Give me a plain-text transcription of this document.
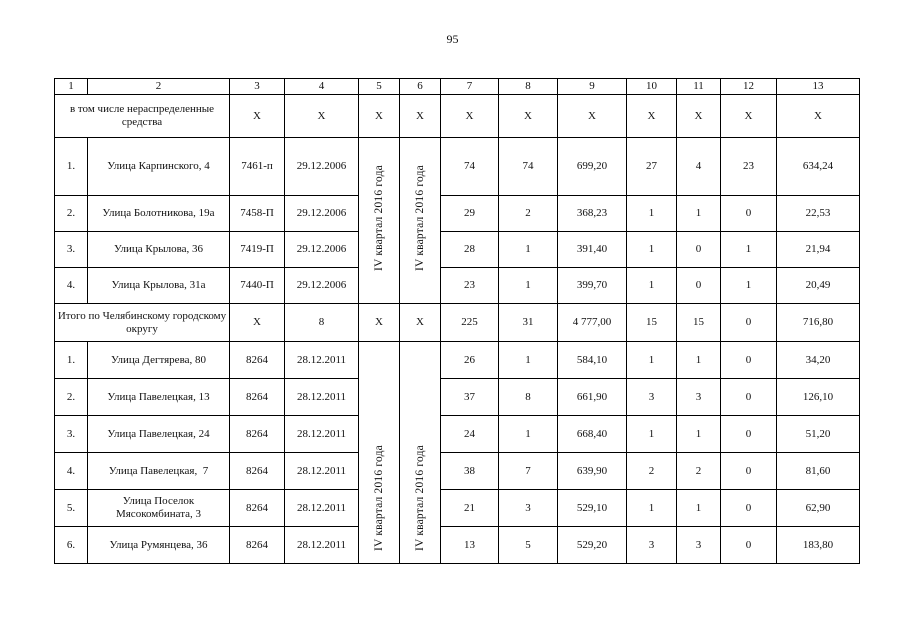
95
1	2	3	4	5	6	7	8	9	10	11	12	13
в том числе нераспределенные средства		X	X	X	X	X	X	X	X	X	X	X
1.	Улица Карпинского, 4	7461-п	29.12.2006	IV квартал 2016 года	IV квартал 2016 года	74	74	699,20	27	4	23	634,24
2.	Улица Болотникова, 19а	7458-П	29.12.2006			29	2	368,23	1	1	0	22,53
3.	Улица Крылова, 36	7419-П	29.12.2006			28	1	391,40	1	0	1	21,94
4.	Улица Крылова, 31а	7440-П	29.12.2006			23	1	399,70	1	0	1	20,49
Итого по Челябинскому городскому округу		X	8	X	X	225	31	4 777,00	15	15	0	716,80
1.	Улица Дегтярева, 80	8264	28.12.2011	IV квартал 2016 года	IV квартал 2016 года	26	1	584,10	1	1	0	34,20
2.	Улица Павелецкая, 13	8264	28.12.2011			37	8	661,90	3	3	0	126,10
3.	Улица Павелецкая, 24	8264	28.12.2011			24	1	668,40	1	1	0	51,20
4.	Улица Павелецкая,  7	8264	28.12.2011			38	7	639,90	2	2	0	81,60
5.	Улица Поселок Мясокомбината, 3	8264	28.12.2011			21	3	529,10	1	1	0	62,90
6.	Улица Румянцева, 36	8264	28.12.2011			13	5	529,20	3	3	0	183,80
